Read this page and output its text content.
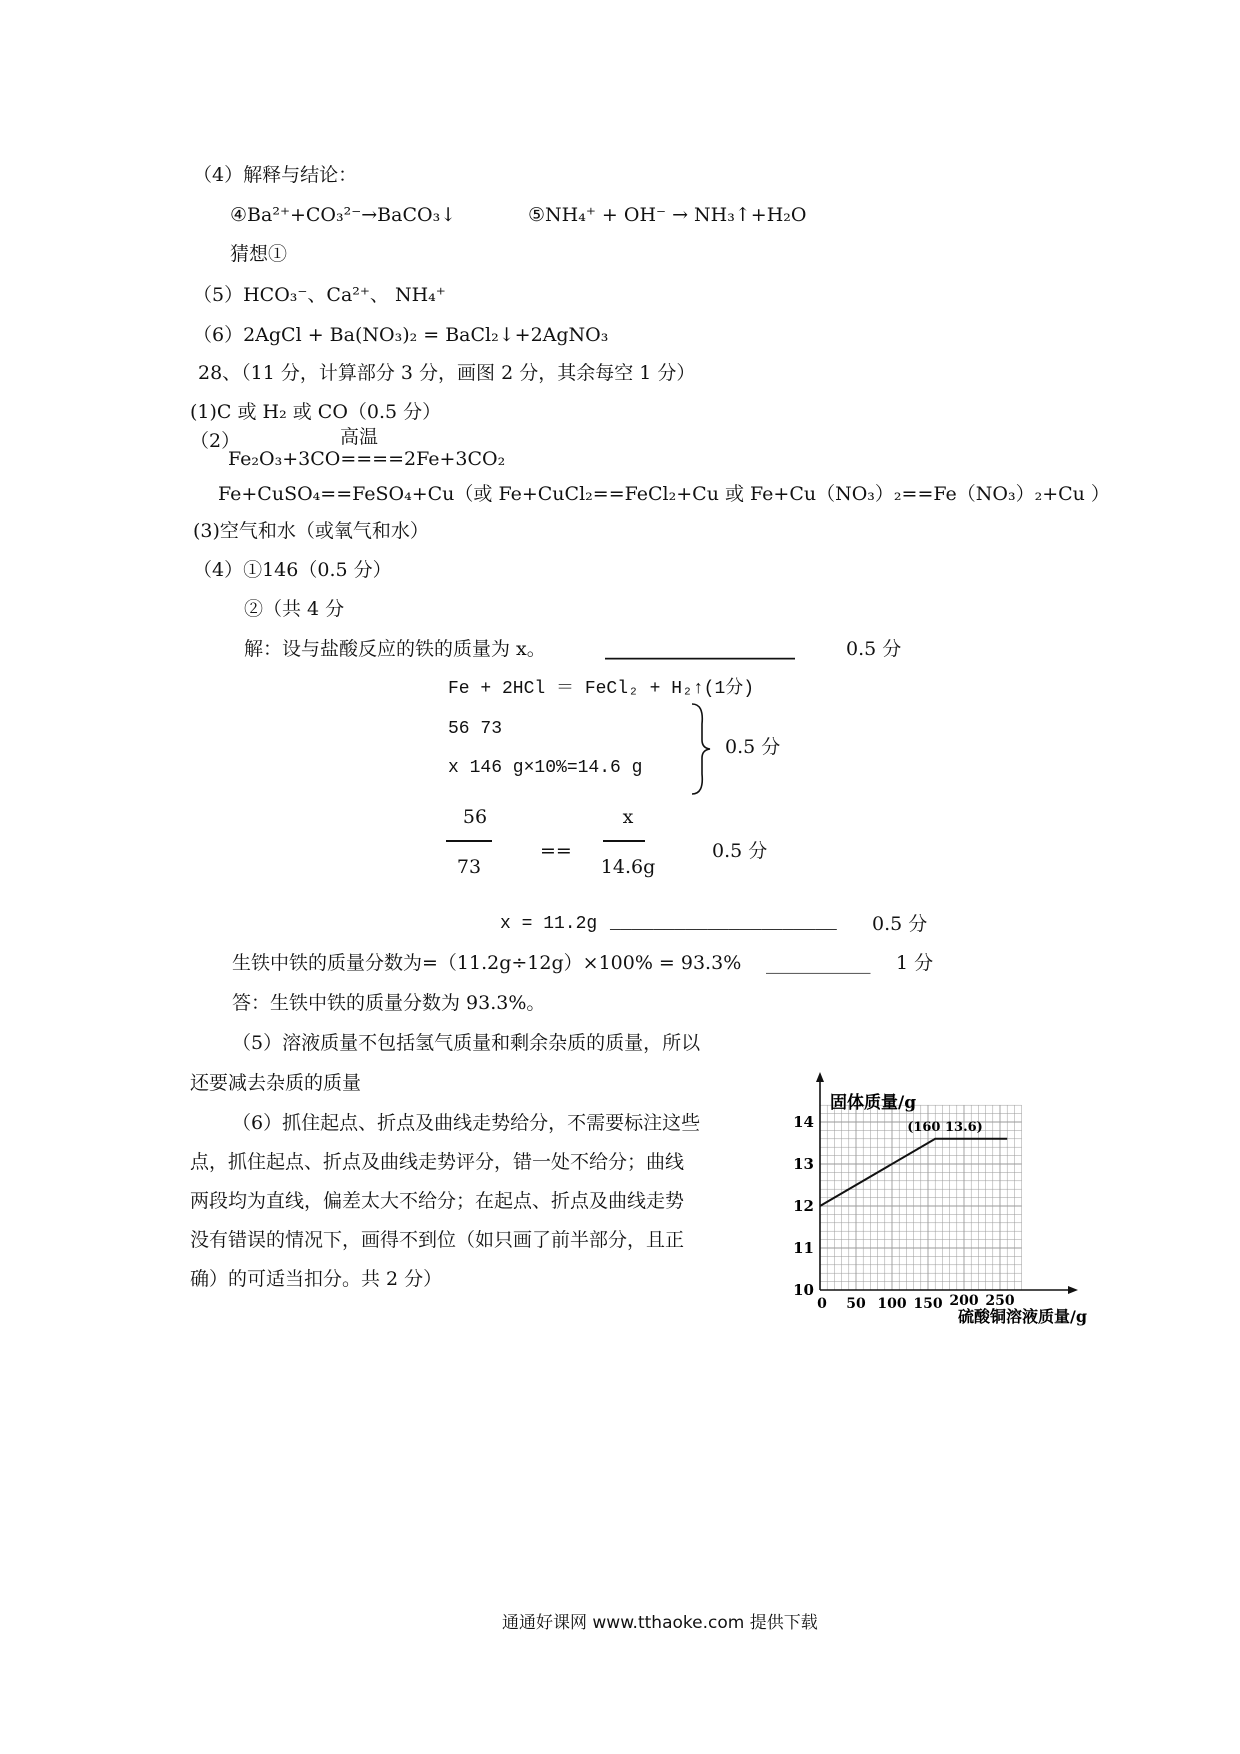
（4）解释与结论：
④Ba²⁺+CO₃²⁻→BaCO₃↓	⑤NH₄⁺ + OH⁻ → NH₃↑+H₂O
猜想①
（5）HCO₃⁻、Ca²⁺、 NH₄⁺
（6）2AgCl + Ba(NO₃)₂ = BaCl₂↓+2AgNO₃
28、（11 分，计算部分 3 分，画图 2 分，其余每空 1 分）
(1)C 或 H₂ 或 CO（0.5 分）
（2）	高温
Fe₂O₃+3CO====2Fe+3CO₂
Fe+CuSO₄==FeSO₄+Cu（或 Fe+CuCl₂==FeCl₂+Cu 或 Fe+Cu（NO₃）₂==Fe（NO₃）₂+Cu ）
(3)空气和水（或氧气和水）
（4）①146（0.5 分）
②（共 4 分
解：设与盐酸反应的铁的质量为 x。	____________________	0.5 分
Fe + 2HCl ＝ FeCl₂ + H₂↑(1分)
56 73
x 146 g×10%=14.6 g
0.5 分
56
73
==
x
14.6g
0.5 分
x = 11.2g _____________________ 0.5 分
生铁中铁的质量分数为=（11.2g÷12g）×100% = 93.3% ___________ 1 分
答：生铁中铁的质量分数为 93.3%。
（5）溶液质量不包括氢气质量和剩余杂质的质量，所以
还要减去杂质的质量
（6）抓住起点、折点及曲线走势给分，不需要标注这些
点，抓住起点、折点及曲线走势评分，错一处不给分；曲线
两段均为直线，偏差太大不给分；在起点、折点及曲线走势
没有错误的情况下，画得不到位（如只画了前半部分，且正
确）的可适当扣分。共 2 分）	10
11
12
13
14
0 50 100 150 200 250
(160 13.6)
固体质量/g
硫酸铜溶液质量/g
通通好课网 www.tthaoke.com 提供下载
